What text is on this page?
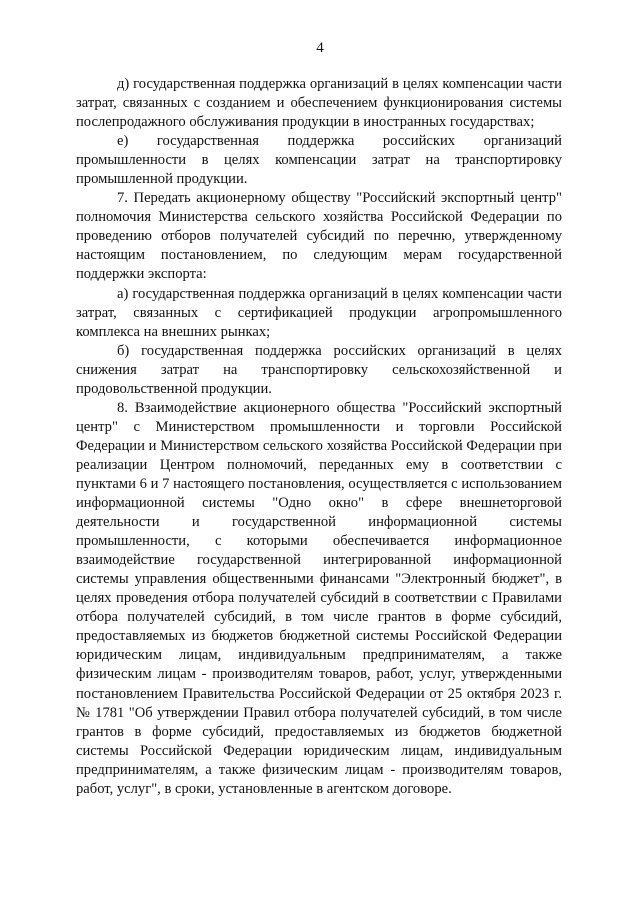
4

д) государственная поддержка организаций в целях компенсации части затрат, связанных с созданием и обеспечением функционирования системы послепродажного обслуживания продукции в иностранных государствах;

е) государственная поддержка российских организаций промышленности в целях компенсации затрат на транспортировку промышленной продукции.

7. Передать акционерному обществу "Российский экспортный центр" полномочия Министерства сельского хозяйства Российской Федерации по проведению отборов получателей субсидий по перечню, утвержденному настоящим постановлением, по следующим мерам государственной поддержки экспорта:

а) государственная поддержка организаций в целях компенсации части затрат, связанных с сертификацией продукции агропромышленного комплекса на внешних рынках;

б) государственная поддержка российских организаций в целях снижения затрат на транспортировку сельскохозяйственной и продовольственной продукции.

8. Взаимодействие акционерного общества "Российский экспортный центр" с Министерством промышленности и торговли Российской Федерации и Министерством сельского хозяйства Российской Федерации при реализации Центром полномочий, переданных ему в соответствии с пунктами 6 и 7 настоящего постановления, осуществляется с использованием информационной системы "Одно окно" в сфере внешнеторговой деятельности и государственной информационной системы промышленности, с которыми обеспечивается информационное взаимодействие государственной интегрированной информационной системы управления общественными финансами "Электронный бюджет", в целях проведения отбора получателей субсидий в соответствии с Правилами отбора получателей субсидий, в том числе грантов в форме субсидий, предоставляемых из бюджетов бюджетной системы Российской Федерации юридическим лицам, индивидуальным предпринимателям, а также физическим лицам - производителям товаров, работ, услуг, утвержденными постановлением Правительства Российской Федерации от 25 октября 2023 г. № 1781 "Об утверждении Правил отбора получателей субсидий, в том числе грантов в форме субсидий, предоставляемых из бюджетов бюджетной системы Российской Федерации юридическим лицам, индивидуальным предпринимателям, а также физическим лицам - производителям товаров, работ, услуг", в сроки, установленные в агентском договоре.
